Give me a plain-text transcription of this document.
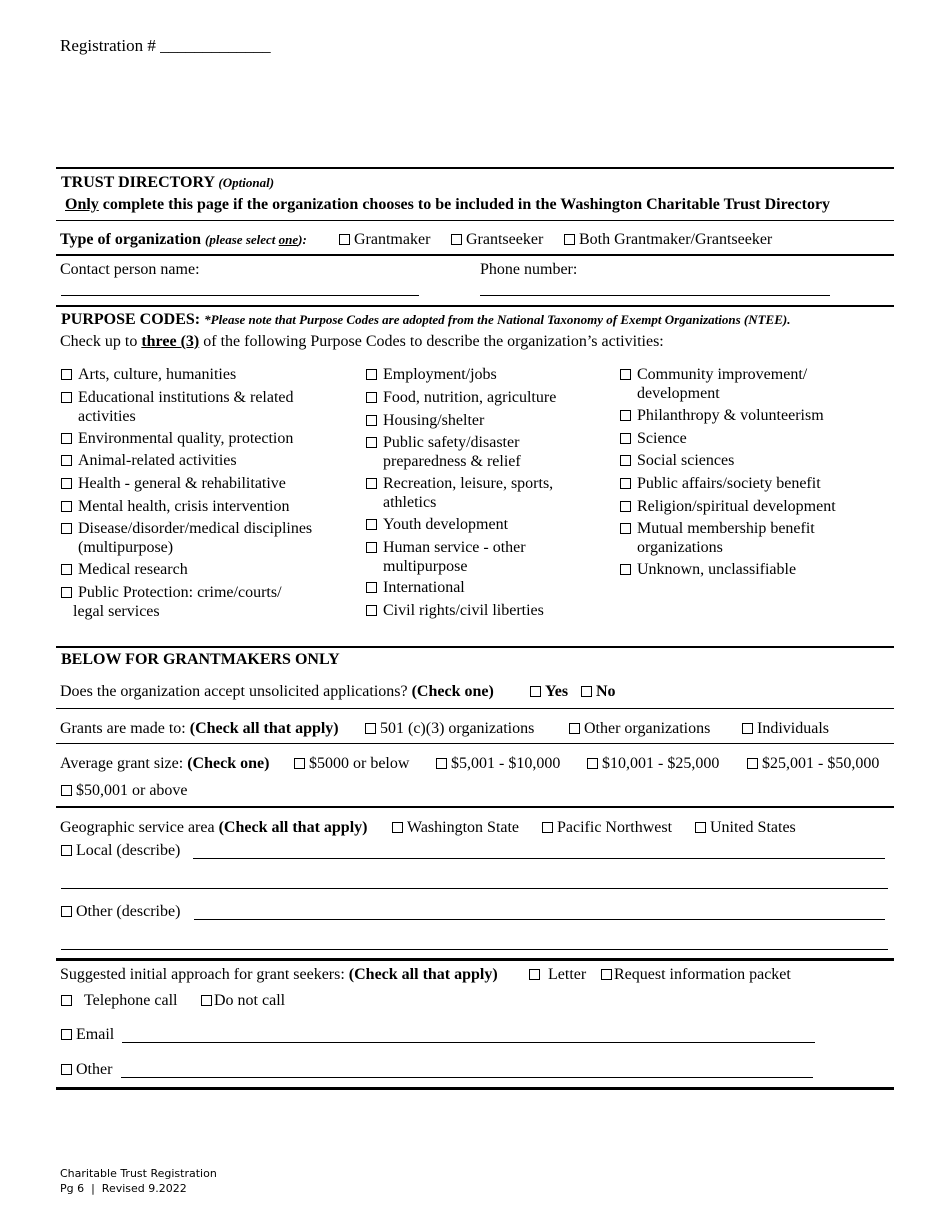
Registration # _____________
TRUST DIRECTORY (Optional)
Only complete this page if the organization chooses to be included in the Washington Charitable Trust Directory
Type of organization (please select one):	Grantmaker	Grantseeker	Both Grantmaker/Grantseeker
Contact person name:	Phone number:
PURPOSE CODES: *Please note that Purpose Codes are adopted from the National Taxonomy of Exempt Organizations (NTEE).
Check up to three (3) of the following Purpose Codes to describe the organization’s activities:
Arts, culture, humanities
Educational institutions & related
activities
Environmental quality, protection
Animal-related activities
Health - general & rehabilitative
Mental health, crisis intervention
Disease/disorder/medical disciplines
(multipurpose)
Medical research
Public Protection: crime/courts/
legal services
Employment/jobs
Food, nutrition, agriculture
Housing/shelter
Public safety/disaster
preparedness & relief
Recreation, leisure, sports,
athletics
Youth development
Human service - other
multipurpose
International
Civil rights/civil liberties
Community improvement/
development
Philanthropy & volunteerism
Science
Social sciences
Public affairs/society benefit
Religion/spiritual development
Mutual membership benefit
organizations
Unknown, unclassifiable
BELOW FOR GRANTMAKERS ONLY
Does the organization accept unsolicited applications? (Check one)	Yes	No
Grants are made to: (Check all that apply)	501 (c)(3) organizations	Other organizations	Individuals
Average grant size: (Check one)	$5000 or below	$5,001 - $10,000	$10,001 - $25,000	$25,001 - $50,000
$50,001 or above
Geographic service area (Check all that apply)	Washington State	Pacific Northwest	United States
Local (describe)
Other (describe)
Suggested initial approach for grant seekers: (Check all that apply)	Letter	Request information packet
Telephone call	Do not call
Email
Other
Charitable Trust Registration
Pg 6  |  Revised 9.2022
